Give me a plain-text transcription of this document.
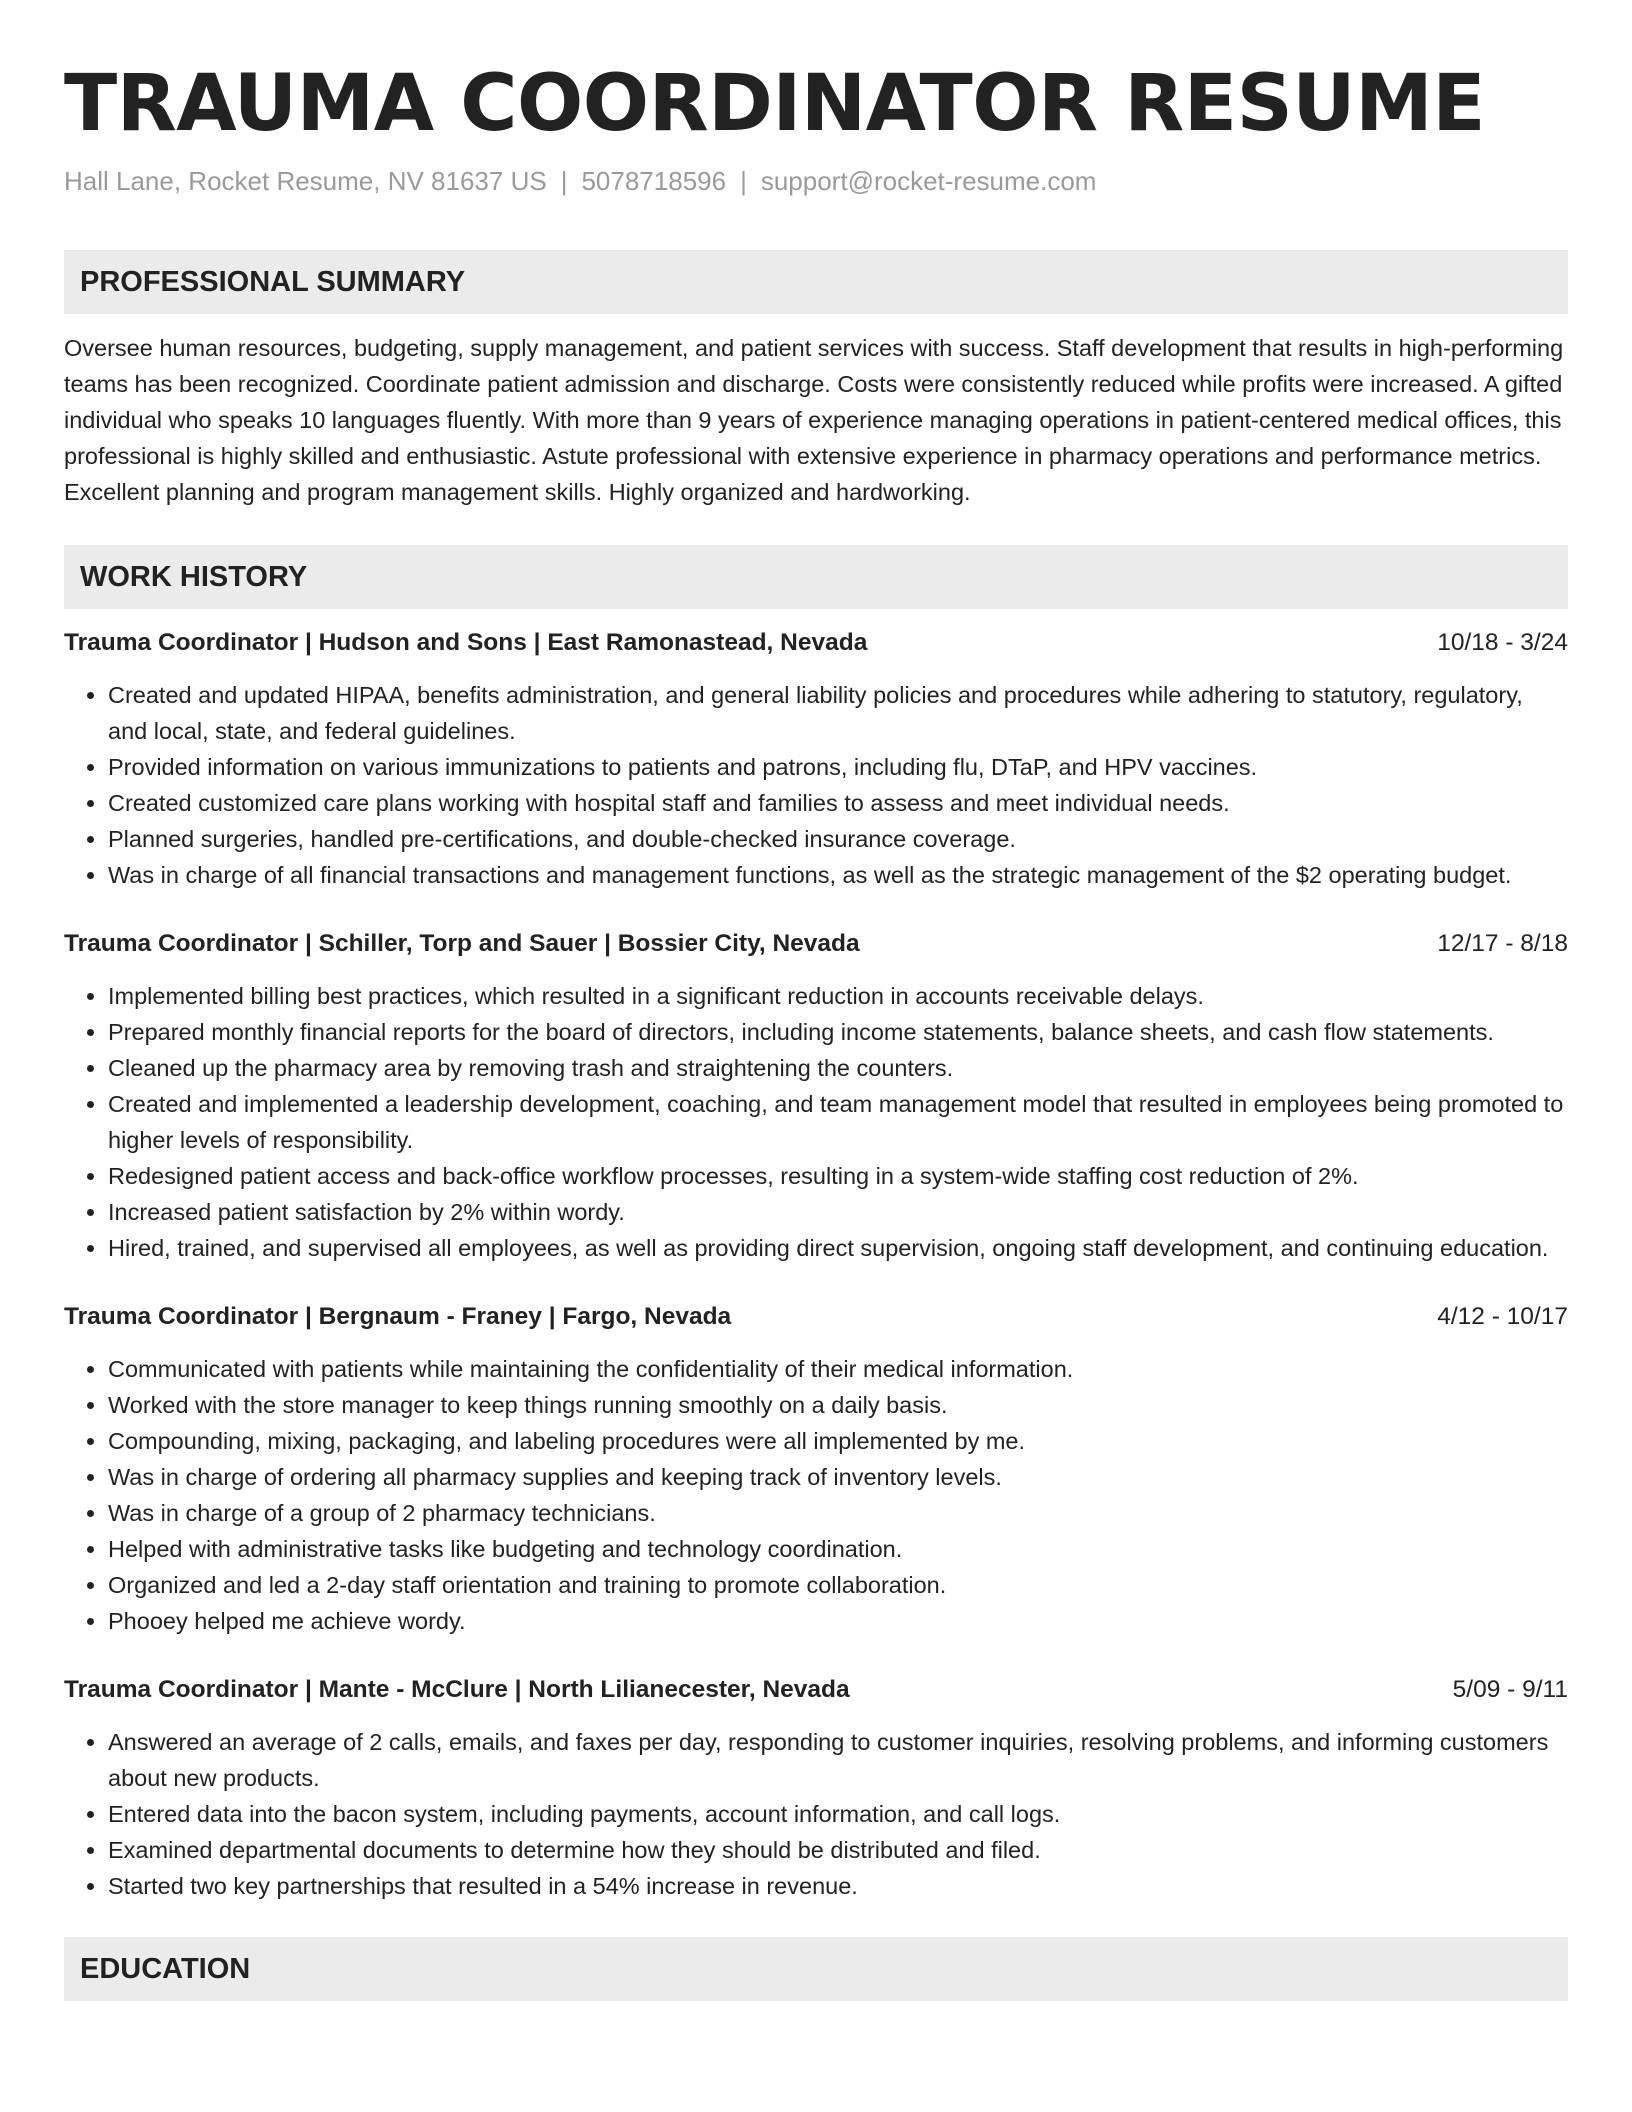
TRAUMA COORDINATOR RESUME
Hall Lane, Rocket Resume, NV 81637 US | 5078718596 | support@rocket-resume.com
PROFESSIONAL SUMMARY
Oversee human resources, budgeting, supply management, and patient services with success. Staff development that results in high-performing teams has been recognized. Coordinate patient admission and discharge. Costs were consistently reduced while profits were increased. A gifted individual who speaks 10 languages fluently. With more than 9 years of experience managing operations in patient-centered medical offices, this professional is highly skilled and enthusiastic. Astute professional with extensive experience in pharmacy operations and performance metrics. Excellent planning and program management skills. Highly organized and hardworking.
WORK HISTORY
Trauma Coordinator | Hudson and Sons | East Ramonastead, Nevada	10/18 - 3/24
• Created and updated HIPAA, benefits administration, and general liability policies and procedures while adhering to statutory, regulatory, and local, state, and federal guidelines.
• Provided information on various immunizations to patients and patrons, including flu, DTaP, and HPV vaccines.
• Created customized care plans working with hospital staff and families to assess and meet individual needs.
• Planned surgeries, handled pre-certifications, and double-checked insurance coverage.
• Was in charge of all financial transactions and management functions, as well as the strategic management of the $2 operating budget.
Trauma Coordinator | Schiller, Torp and Sauer | Bossier City, Nevada	12/17 - 8/18
• Implemented billing best practices, which resulted in a significant reduction in accounts receivable delays.
• Prepared monthly financial reports for the board of directors, including income statements, balance sheets, and cash flow statements.
• Cleaned up the pharmacy area by removing trash and straightening the counters.
• Created and implemented a leadership development, coaching, and team management model that resulted in employees being promoted to higher levels of responsibility.
• Redesigned patient access and back-office workflow processes, resulting in a system-wide staffing cost reduction of 2%.
• Increased patient satisfaction by 2% within wordy.
• Hired, trained, and supervised all employees, as well as providing direct supervision, ongoing staff development, and continuing education.
Trauma Coordinator | Bergnaum - Franey | Fargo, Nevada	4/12 - 10/17
• Communicated with patients while maintaining the confidentiality of their medical information.
• Worked with the store manager to keep things running smoothly on a daily basis.
• Compounding, mixing, packaging, and labeling procedures were all implemented by me.
• Was in charge of ordering all pharmacy supplies and keeping track of inventory levels.
• Was in charge of a group of 2 pharmacy technicians.
• Helped with administrative tasks like budgeting and technology coordination.
• Organized and led a 2-day staff orientation and training to promote collaboration.
• Phooey helped me achieve wordy.
Trauma Coordinator | Mante - McClure | North Lilianecester, Nevada	5/09 - 9/11
• Answered an average of 2 calls, emails, and faxes per day, responding to customer inquiries, resolving problems, and informing customers about new products.
• Entered data into the bacon system, including payments, account information, and call logs.
• Examined departmental documents to determine how they should be distributed and filed.
• Started two key partnerships that resulted in a 54% increase in revenue.
EDUCATION
